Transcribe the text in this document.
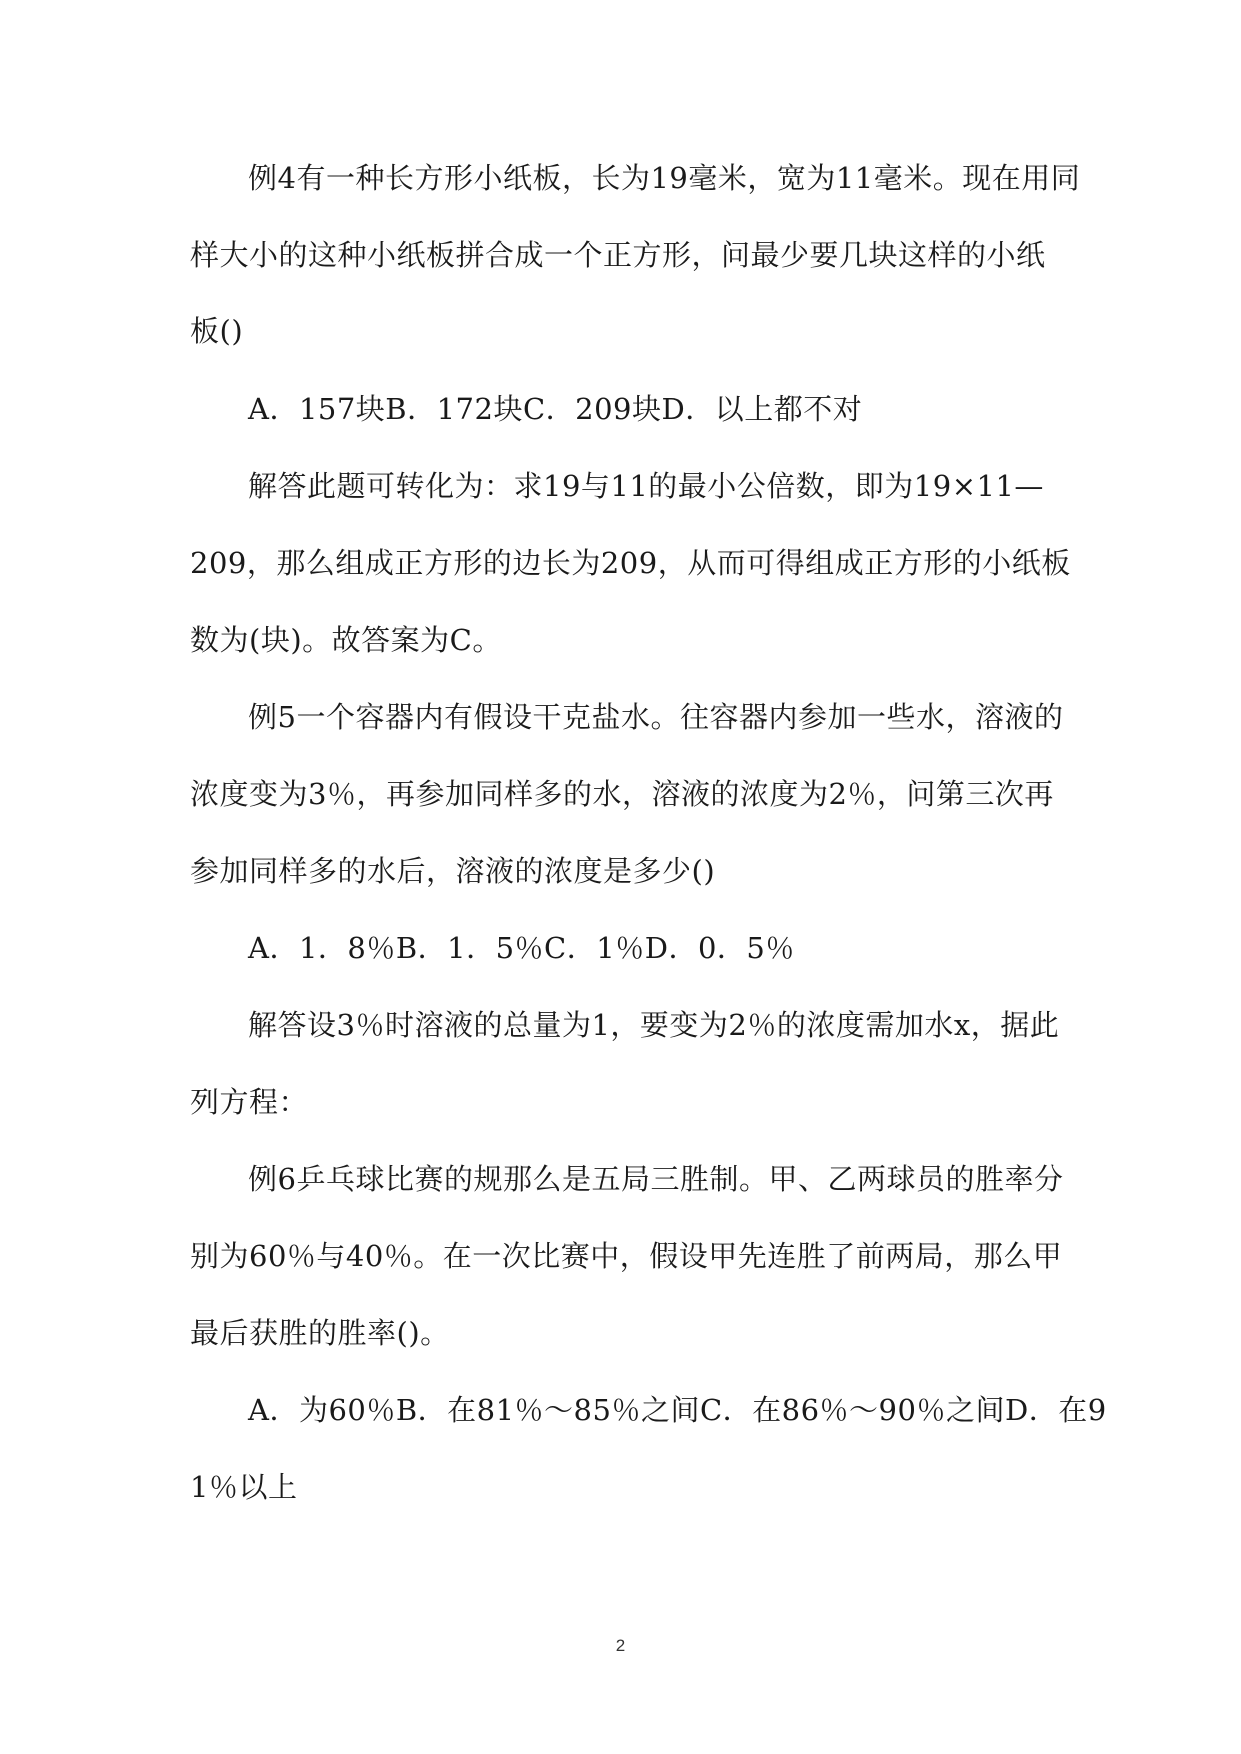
例4有一种长方形小纸板，长为19毫米，宽为11毫米。现在用同
样大小的这种小纸板拼合成一个正方形，问最少要几块这样的小纸
板()
A．157块B．172块C．209块D．以上都不对
解答此题可转化为：求19与11的最小公倍数，即为19×11—
209，那么组成正方形的边长为209，从而可得组成正方形的小纸板
数为(块)。故答案为C。
例5一个容器内有假设干克盐水。往容器内参加一些水，溶液的
浓度变为3％，再参加同样多的水，溶液的浓度为2％，问第三次再
参加同样多的水后，溶液的浓度是多少()
A．1．8％B．1．5％C．1％D．0．5％
解答设3％时溶液的总量为1，要变为2％的浓度需加水x，据此
列方程：
例6乒乓球比赛的规那么是五局三胜制。甲、乙两球员的胜率分
别为60％与40％。在一次比赛中，假设甲先连胜了前两局，那么甲
最后获胜的胜率()。
A．为60％B．在81％～85％之间C．在86％～90％之间D．在9
1％以上
2
